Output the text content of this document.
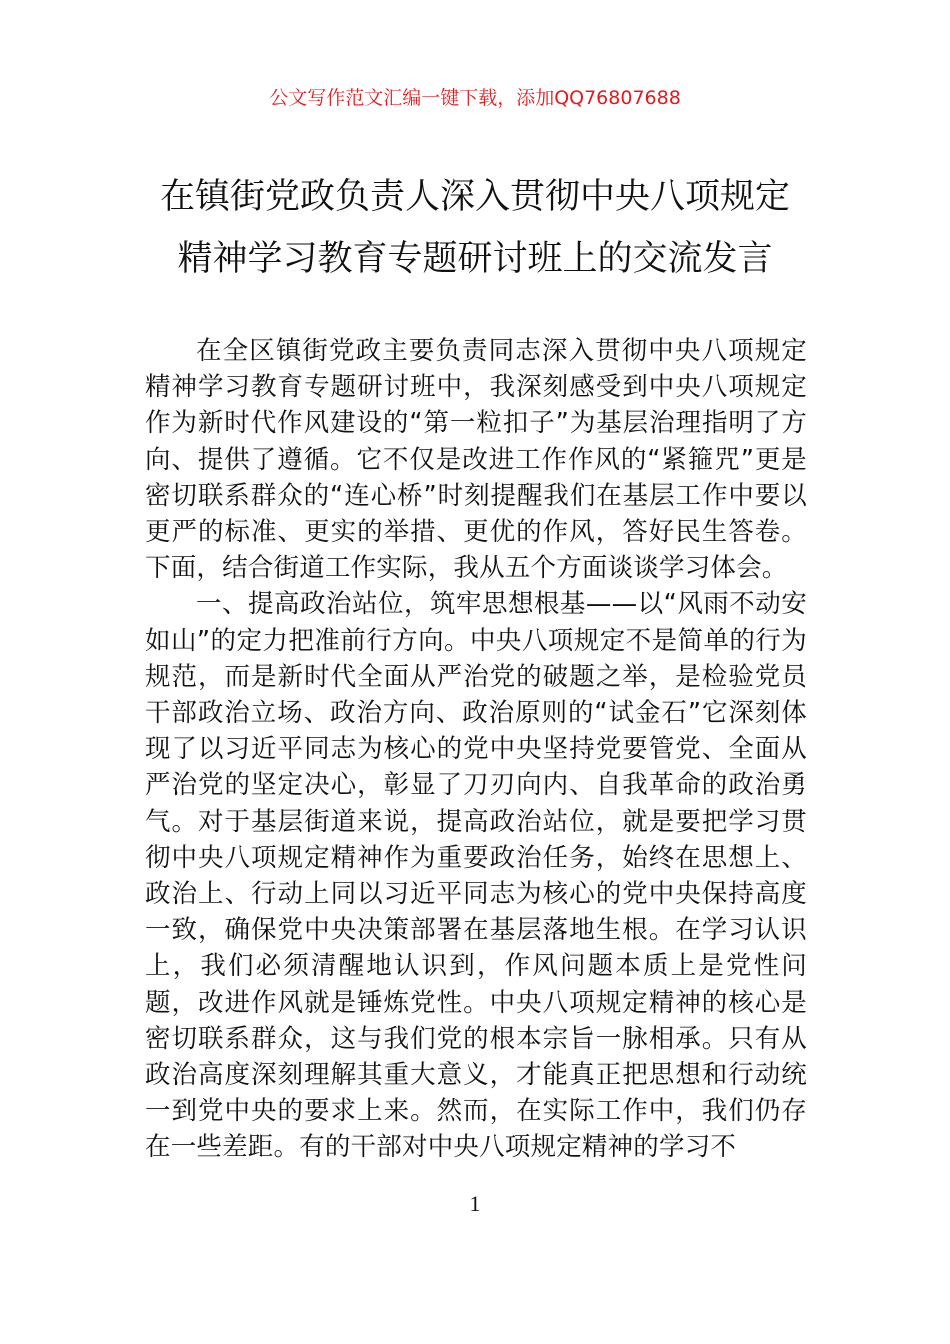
公文写作范文汇编一键下载，添加QQ76807688
在镇街党政负责人深入贯彻中央八项规定
精神学习教育专题研讨班上的交流发言

在全区镇街党政主要负责同志深入贯彻中央八项规定精神学习教育专题研讨班中，我深刻感受到中央八项规定作为新时代作风建设的“第一粒扣子”为基层治理指明了方向、提供了遵循。它不仅是改进工作作风的“紧箍咒”更是密切联系群众的“连心桥”时刻提醒我们在基层工作中要以更严的标准、更实的举措、更优的作风，答好民生答卷。下面，结合街道工作实际，我从五个方面谈谈学习体会。

一、提高政治站位，筑牢思想根基——以“风雨不动安如山”的定力把准前行方向。中央八项规定不是简单的行为规范，而是新时代全面从严治党的破题之举，是检验党员干部政治立场、政治方向、政治原则的“试金石”它深刻体现了以习近平同志为核心的党中央坚持党要管党、全面从严治党的坚定决心，彰显了刀刃向内、自我革命的政治勇气。对于基层街道来说，提高政治站位，就是要把学习贯彻中央八项规定精神作为重要政治任务，始终在思想上、政治上、行动上同以习近平同志为核心的党中央保持高度一致，确保党中央决策部署在基层落地生根。在学习认识上，我们必须清醒地认识到，作风问题本质上是党性问题，改进作风就是锤炼党性。中央八项规定精神的核心是密切联系群众，这与我们党的根本宗旨一脉相承。只有从政治高度深刻理解其重大意义，才能真正把思想和行动统一到党中央的要求上来。然而，在实际工作中，我们仍存在一些差距。有的干部对中央八项规定精神的学习不

1
